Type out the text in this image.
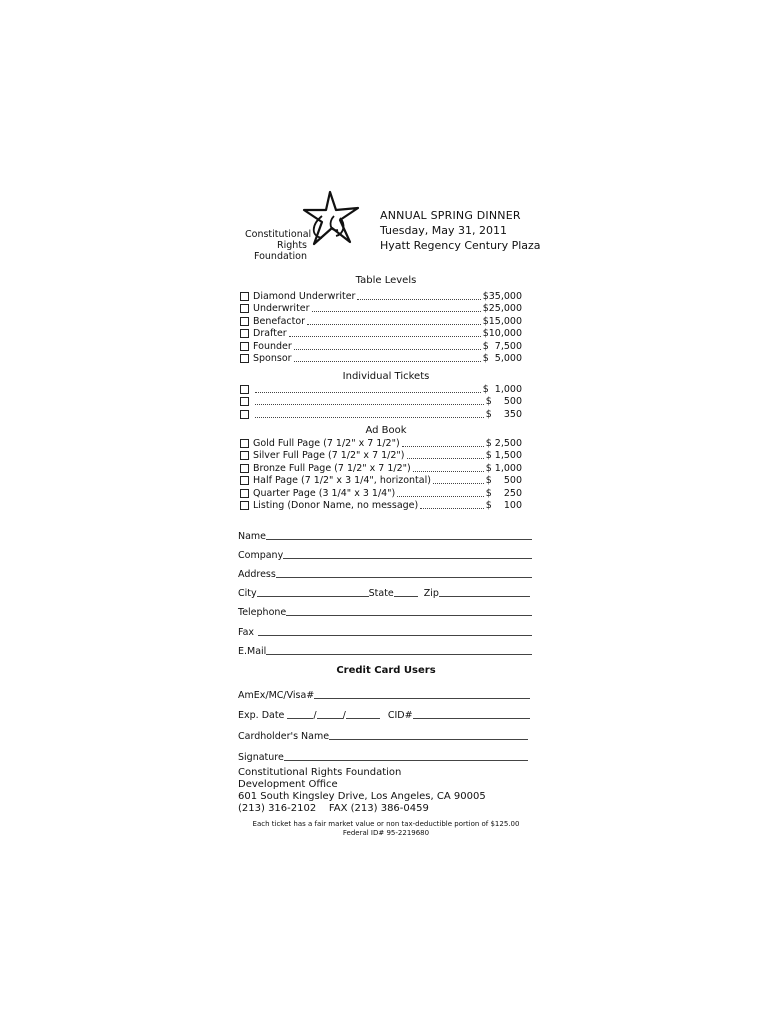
Constitutional
Rights
Foundation
ANNUAL SPRING DINNER
Tuesday, May 31, 2011
Hyatt Regency Century Plaza
Table Levels
Diamond Underwriter	$35,000
Underwriter	$25,000
Benefactor	$15,000
Drafter	$10,000
Founder	$  7,500
Sponsor	$  5,000
Individual Tickets
$  1,000
$    500
$    350
Ad Book
Gold Full Page (7 1/2" x 7 1/2")	$ 2,500
Silver Full Page (7 1/2" x 7 1/2")	$ 1,500
Bronze Full Page (7 1/2" x 7 1/2")	$ 1,000
Half Page (7 1/2" x 3 1/4", horizontal)	$    500
Quarter Page (3 1/4" x 3 1/4")	$    250
Listing (Donor Name, no message)	$    100
Name
Company
Address
City	State	Zip
Telephone
Fax
E.Mail
Credit Card Users
AmEx/MC/Visa#
Exp. Date	/	/	CID#
Cardholder's Name
Signature
Constitutional Rights Foundation
Development Office
601 South Kingsley Drive, Los Angeles, CA 90005
(213) 316-2102    FAX (213) 386-0459
Each ticket has a fair market value or non tax-deductible portion of $125.00
Federal ID# 95-2219680
